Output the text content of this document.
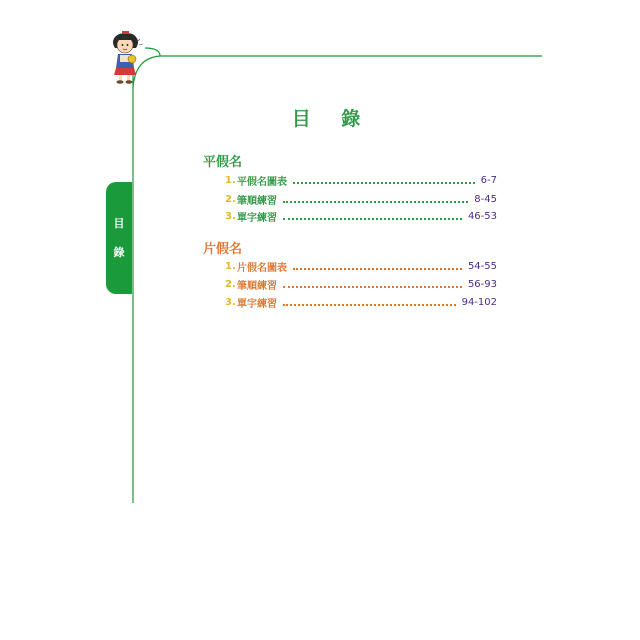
目
錄
目 錄
平假名
1. 平假名圖表	6-7
2. 筆順練習	8-45
3. 單字練習	46-53
片假名
1. 片假名圖表	54-55
2. 筆順練習	56-93
3. 單字練習	94-102
